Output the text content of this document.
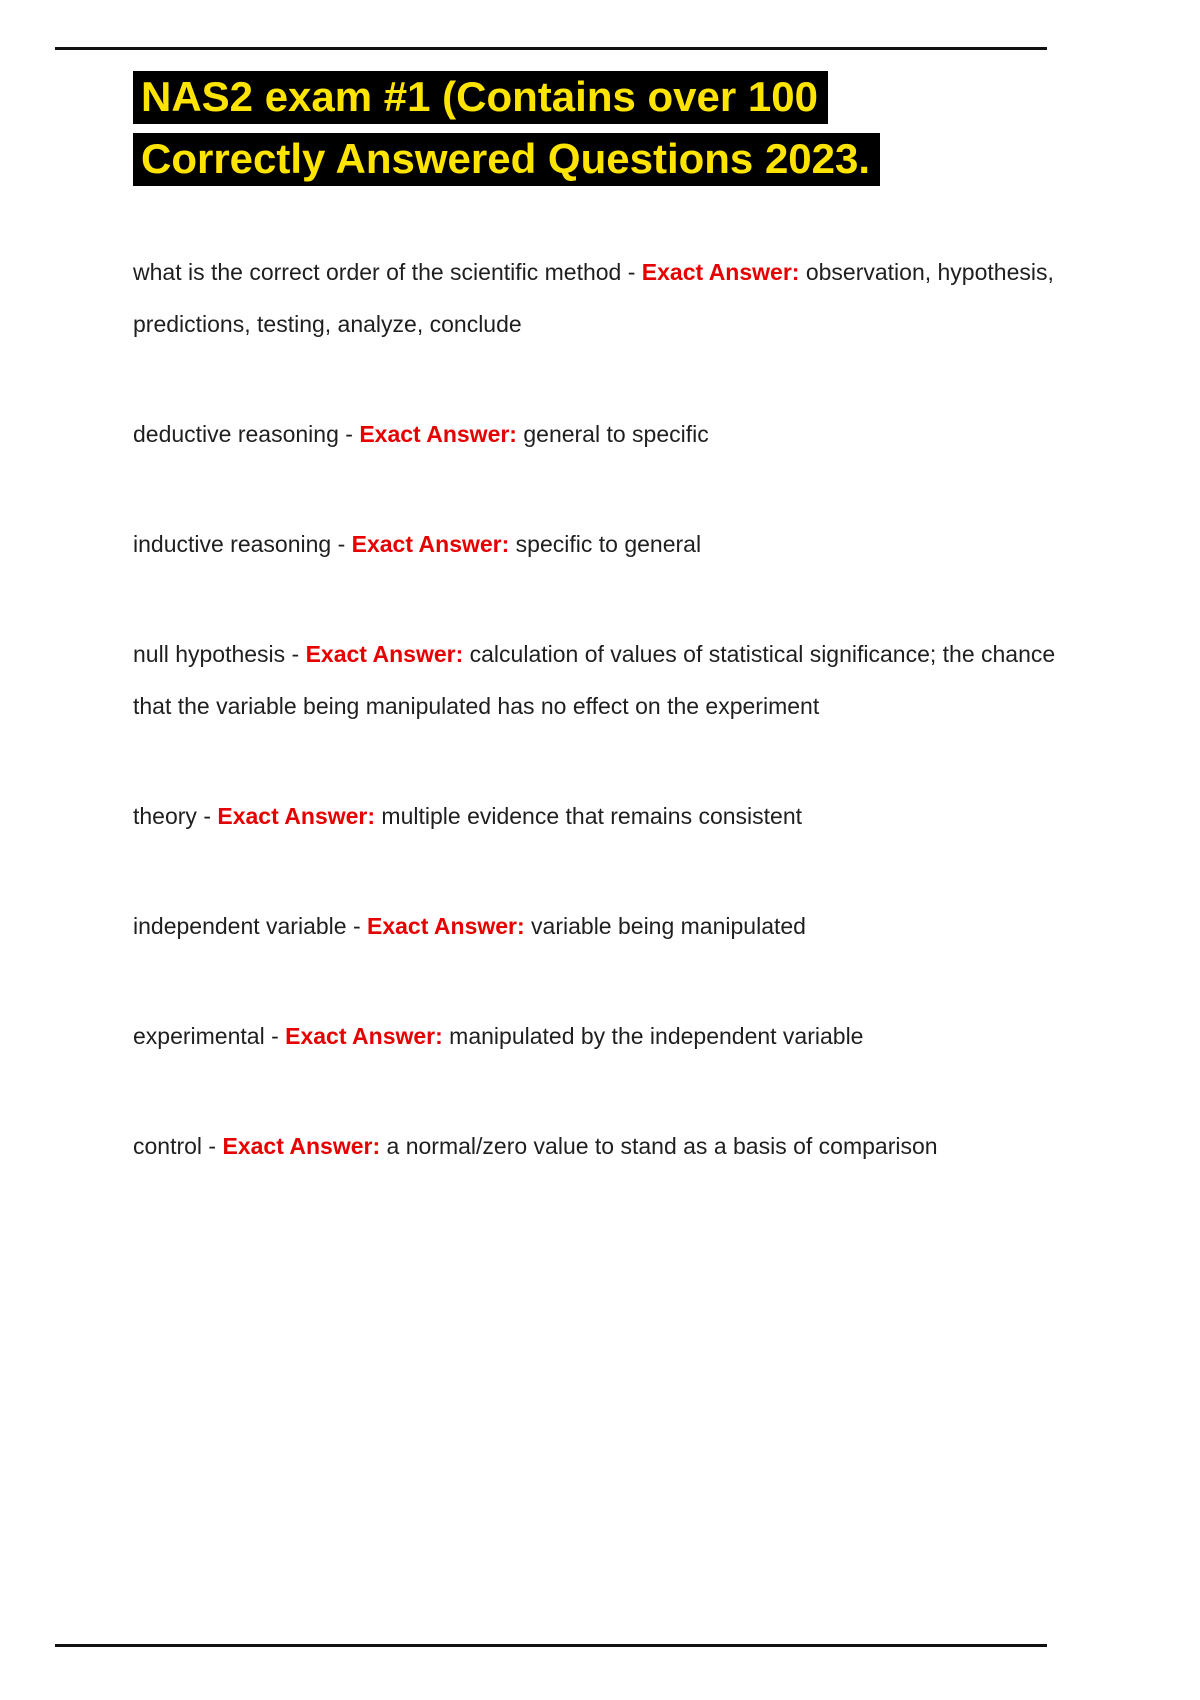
NAS2 exam #1 (Contains over 100 Correctly Answered Questions 2023.

what is the correct order of the scientific method - Exact Answer: observation, hypothesis, predictions, testing, analyze, conclude

deductive reasoning - Exact Answer: general to specific

inductive reasoning - Exact Answer: specific to general

null hypothesis - Exact Answer: calculation of values of statistical significance; the chance that the variable being manipulated has no effect on the experiment

theory - Exact Answer: multiple evidence that remains consistent

independent variable - Exact Answer: variable being manipulated

experimental - Exact Answer: manipulated by the independent variable

control - Exact Answer: a normal/zero value to stand as a basis of comparison
